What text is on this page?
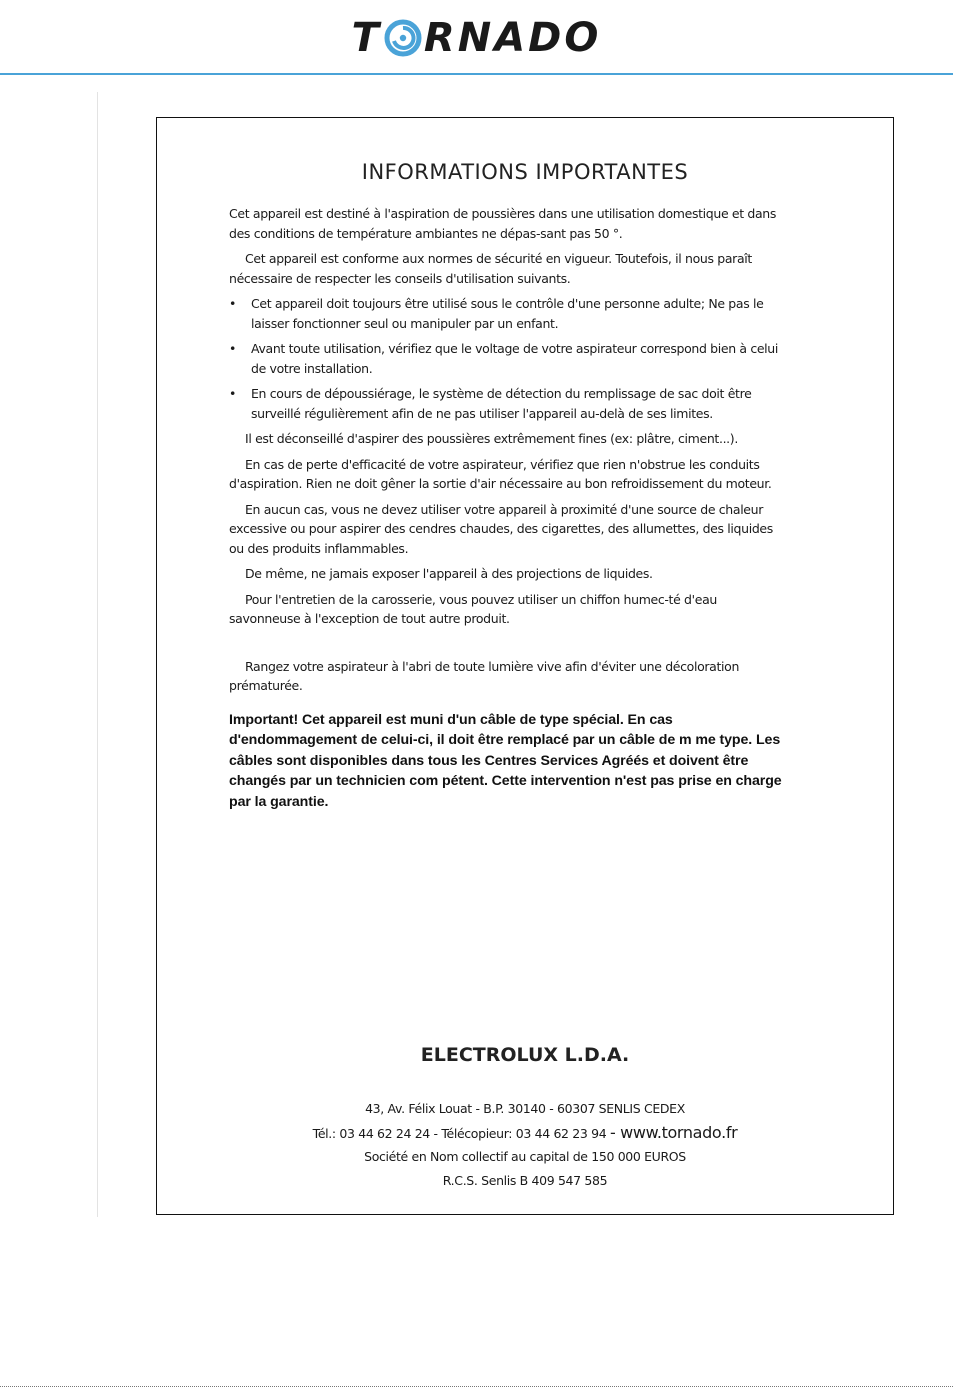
T RNADO
INFORMATIONS IMPORTANTES

Cet appareil est destiné à l'aspiration de poussières dans une utilisation domestique et dans des conditions de température ambiantes ne dépas-sant pas 50 °.

Cet appareil est conforme aux normes de sécurité en vigueur. Toutefois, il nous paraît nécessaire de respecter les conseils d'utilisation suivants.

• Cet appareil doit toujours être utilisé sous le contrôle d'une personne adulte; Ne pas le laisser fonctionner seul ou manipuler par un enfant.
• Avant toute utilisation, vérifiez que le voltage de votre aspirateur correspond bien à celui de votre installation.
• En cours de dépoussiérage, le système de détection du remplissage de sac doit être surveillé régulièrement afin de ne pas utiliser l'appareil au-delà de ses limites.

Il est déconseillé d'aspirer des poussières extrêmement fines (ex: plâtre, ciment...).

En cas de perte d'efficacité de votre aspirateur, vérifiez que rien n'obstrue les conduits d'aspiration. Rien ne doit gêner la sortie d'air nécessaire au bon refroidissement du moteur.

En aucun cas, vous ne devez utiliser votre appareil à proximité d'une source de chaleur excessive ou pour aspirer des cendres chaudes, des cigarettes, des allumettes, des liquides ou des produits inflammables.

De même, ne jamais exposer l'appareil à des projections de liquides.

Pour l'entretien de la carosserie, vous pouvez utiliser un chiffon humec-té d'eau savonneuse à l'exception de tout autre produit.

Rangez votre aspirateur à l'abri de toute lumière vive afin d'éviter une décoloration prématurée.

Important! Cet appareil est muni d'un câble de type spécial. En cas d'endommagement de celui-ci, il doit être remplacé par un câble de m me type. Les câbles sont disponibles dans tous les Centres Services Agréés et doivent être changés par un technicien com pétent. Cette intervention n'est pas prise en charge par la garantie.

ELECTROLUX L.D.A.
43, Av. Félix Louat - B.P. 30140 - 60307 SENLIS CEDEX
Tél.: 03 44 62 24 24 - Télécopieur: 03 44 62 23 94 - www.tornado.fr
Société en Nom collectif au capital de 150 000 EUROS
R.C.S. Senlis B 409 547 585
